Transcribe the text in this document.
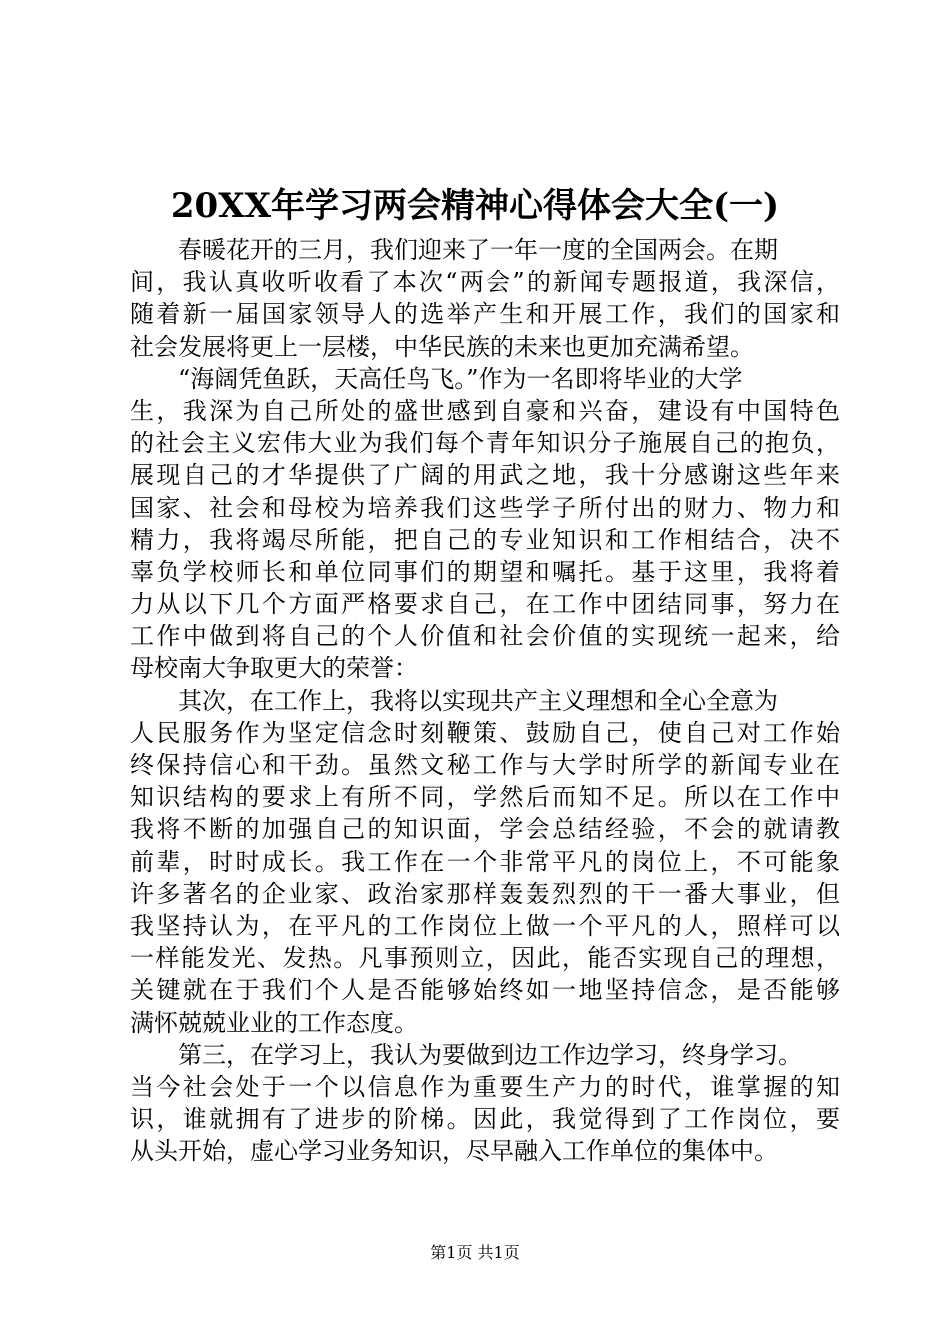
20XX年学习两会精神心得体会大全(一)
春暖花开的三月，我们迎来了一年一度的全国两会。在期
间，我认真收听收看了本次“两会”的新闻专题报道，我深信，
随着新一届国家领导人的选举产生和开展工作，我们的国家和
社会发展将更上一层楼，中华民族的未来也更加充满希望。
“海阔凭鱼跃，天高任鸟飞。”作为一名即将毕业的大学
生，我深为自己所处的盛世感到自豪和兴奋，建设有中国特色
的社会主义宏伟大业为我们每个青年知识分子施展自己的抱负，
展现自己的才华提供了广阔的用武之地，我十分感谢这些年来
国家、社会和母校为培养我们这些学子所付出的财力、物力和
精力，我将竭尽所能，把自己的专业知识和工作相结合，决不
辜负学校师长和单位同事们的期望和嘱托。基于这里，我将着
力从以下几个方面严格要求自己，在工作中团结同事，努力在
工作中做到将自己的个人价值和社会价值的实现统一起来，给
母校南大争取更大的荣誉：
其次，在工作上，我将以实现共产主义理想和全心全意为
人民服务作为坚定信念时刻鞭策、鼓励自己，使自己对工作始
终保持信心和干劲。虽然文秘工作与大学时所学的新闻专业在
知识结构的要求上有所不同，学然后而知不足。所以在工作中
我将不断的加强自己的知识面，学会总结经验，不会的就请教
前辈，时时成长。我工作在一个非常平凡的岗位上，不可能象
许多著名的企业家、政治家那样轰轰烈烈的干一番大事业，但
我坚持认为，在平凡的工作岗位上做一个平凡的人，照样可以
一样能发光、发热。凡事预则立，因此，能否实现自己的理想，
关键就在于我们个人是否能够始终如一地坚持信念，是否能够
满怀兢兢业业的工作态度。
第三，在学习上，我认为要做到边工作边学习，终身学习。
当今社会处于一个以信息作为重要生产力的时代，谁掌握的知
识，谁就拥有了进步的阶梯。因此，我觉得到了工作岗位，要
从头开始，虚心学习业务知识，尽早融入工作单位的集体中。
第1页 共1页
